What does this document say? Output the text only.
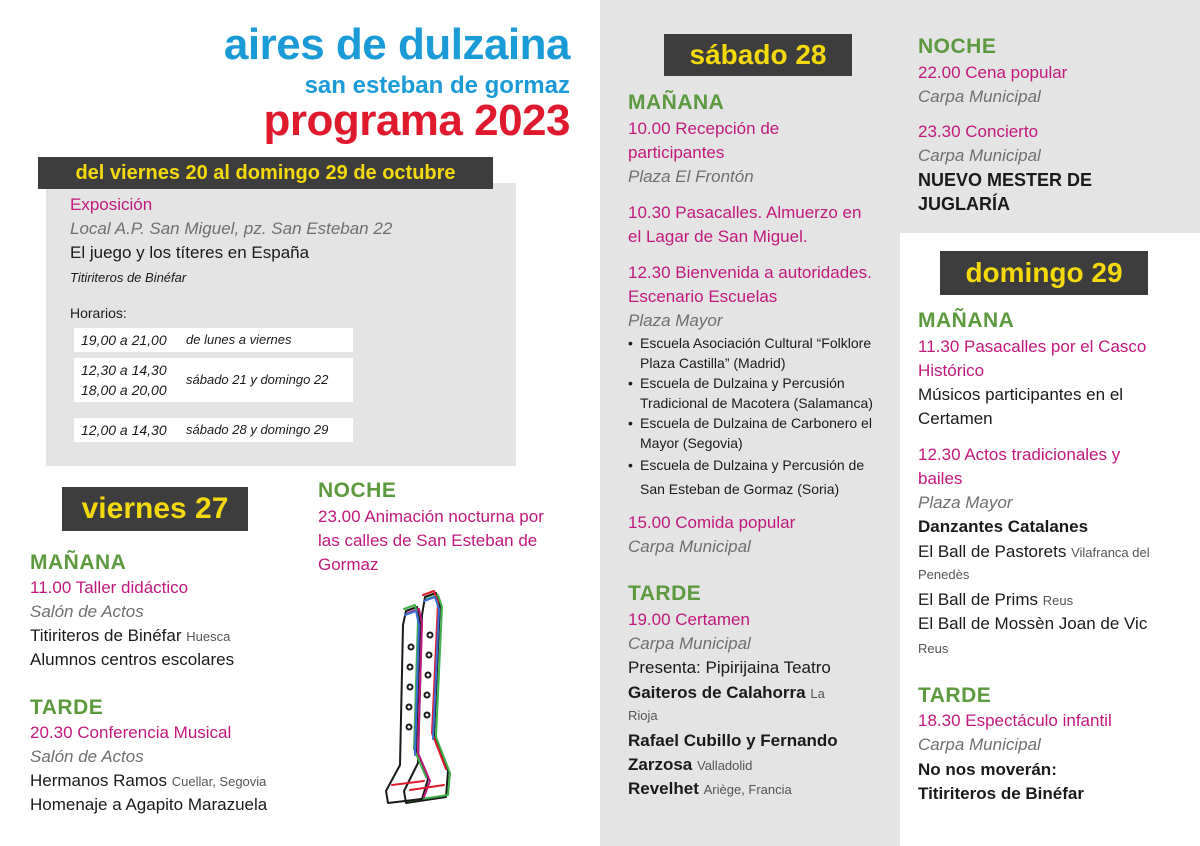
aires de dulzaina
san esteban de gormaz
programa 2023
del viernes 20 al domingo 29 de octubre
Exposición
Local A.P. San Miguel, pz. San Esteban 22
El juego y los títeres en España
Titiriteros de Binéfar
Horarios:
19,00 a 21,00 de lunes a viernes
12,30 a 14,30
18,00 a 20,00
sábado 21 y domingo 22
12,00 a 14,30 sábado 28 y domingo 29
viernes 27
MAÑANA
11.00 Taller didáctico
Salón de Actos
Titiriteros de Binéfar Huesca
Alumnos centros escolares
TARDE
20.30 Conferencia Musical
Salón de Actos
Hermanos Ramos Cuellar, Segovia
Homenaje a Agapito Marazuela
NOCHE
23.00 Animación nocturna por
las calles de San Esteban de
Gormaz
sábado 28
MAÑANA
10.00 Recepción de
participantes
Plaza El Frontón
10.30 Pasacalles. Almuerzo en
el Lagar de San Miguel.
12.30 Bienvenida a autoridades.
Escenario Escuelas
Plaza Mayor
• Escuela Asociación Cultural “Folklore
Plaza Castilla” (Madrid)
• Escuela de Dulzaina y Percusión
Tradicional de Macotera (Salamanca)
• Escuela de Dulzaina de Carbonero el
Mayor (Segovia)
• Escuela de Dulzaina y Percusión de
San Esteban de Gormaz (Soria)
15.00 Comida popular
Carpa Municipal
TARDE
19.00 Certamen
Carpa Municipal
Presenta: Pipirijaina Teatro
Gaiteros de Calahorra La
Rioja
Rafael Cubillo y Fernando
Zarzosa Valladolid
Revelhet Ariège, Francia
NOCHE
22.00 Cena popular
Carpa Municipal
23.30 Concierto
Carpa Municipal
NUEVO MESTER DE
JUGLARÍA
domingo 29
MAÑANA
11.30 Pasacalles por el Casco
Histórico
Músicos participantes en el
Certamen
12.30 Actos tradicionales y
bailes
Plaza Mayor
Danzantes Catalanes
El Ball de Pastorets Vilafranca del
Penedès
El Ball de Prims Reus
El Ball de Mossèn Joan de Vic
Reus
TARDE
18.30 Espectáculo infantil
Carpa Municipal
No nos moverán:
Titiriteros de Binéfar
